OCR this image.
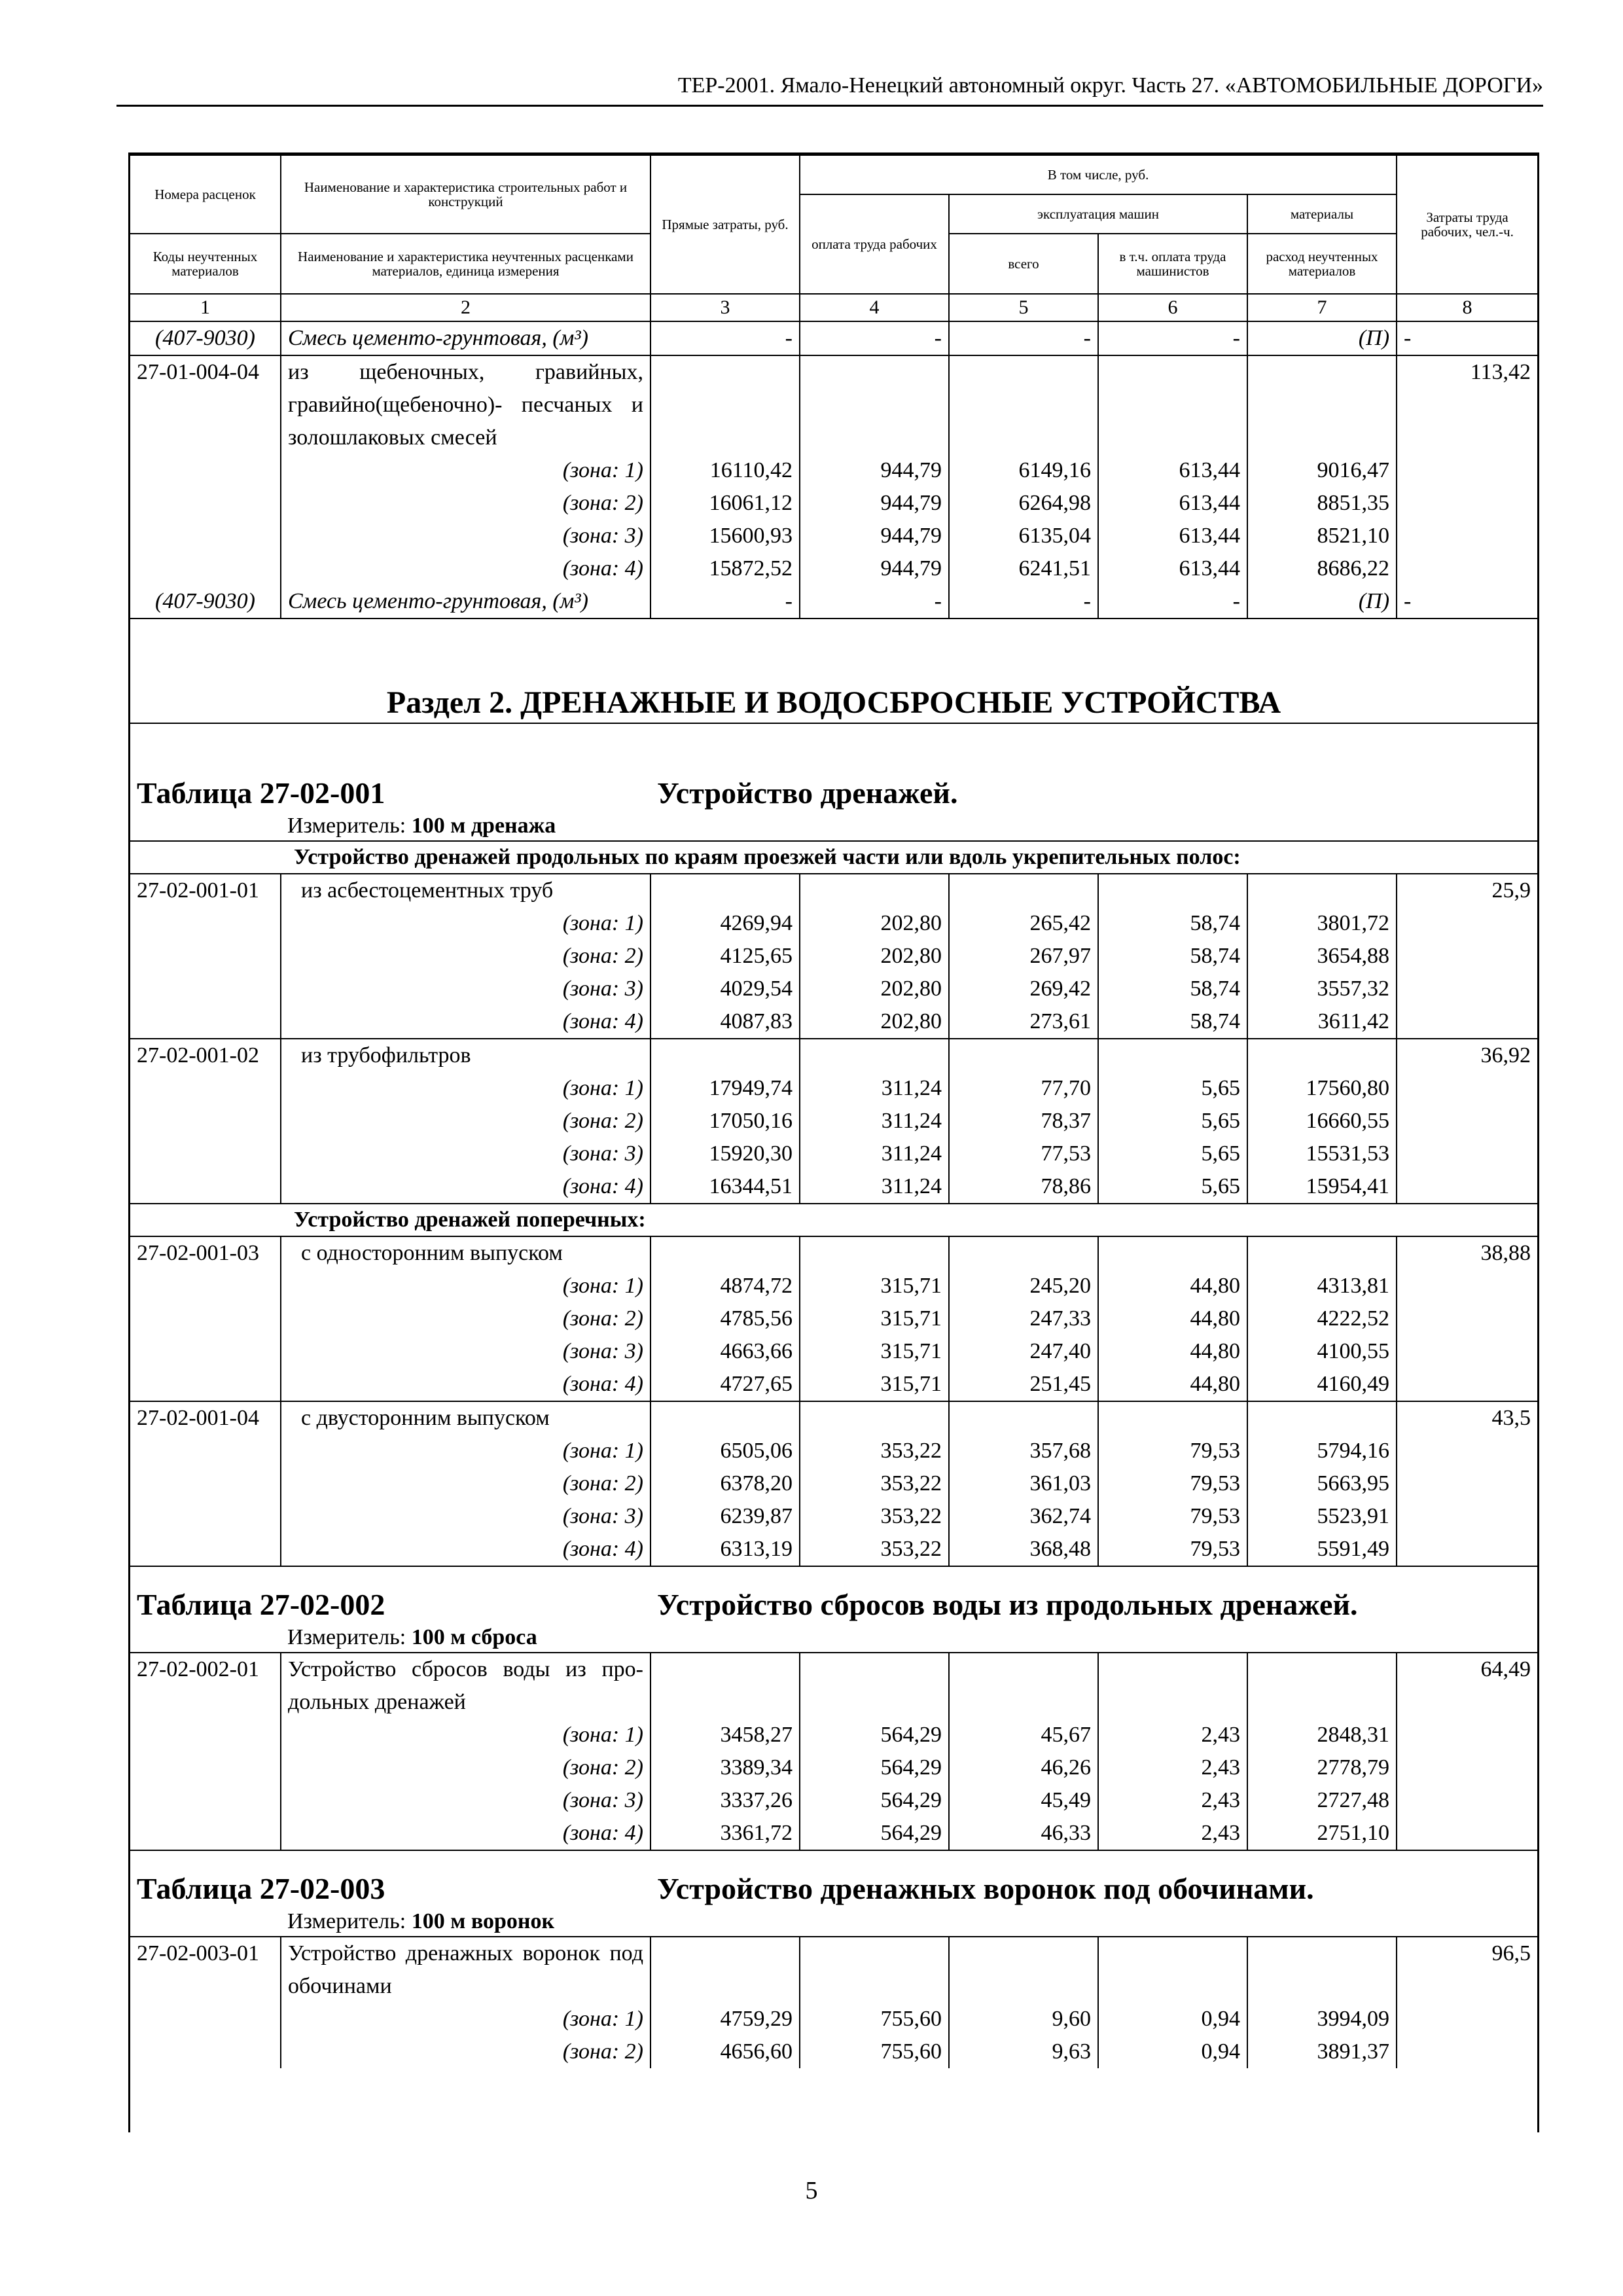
ТЕР-2001. Ямало-Ненецкий автономный округ. Часть 27. «АВТОМОБИЛЬНЫЕ ДОРОГИ»
Номера расценок	Наименование и характеристика строительных работ и конструкций	Прямые затраты, руб.	В том числе, руб.				Затраты труда рабочих, чел.-ч.
			оплата труда рабочих	эксплуатация машин		материалы	
Коды неучтенных материалов	Наименование и характеристика неучтенных расценками материалов, единица измерения			всего	в т.ч. оплата труда машинистов	расход неучтенных материалов	
1	2	3	4	5	6	7	8
(407-9030)	Смесь цементо-грунтовая, (м³)	-	-	-	-	(П)	-
27-01-004-04	из щебеночных, гравийных, гравийно(щебеночно)- песчаных и золошлаковых смесей						113,42
	(зона: 1)	16110,42	944,79	6149,16	613,44	9016,47	
	(зона: 2)	16061,12	944,79	6264,98	613,44	8851,35	
	(зона: 3)	15600,93	944,79	6135,04	613,44	8521,10	
	(зона: 4)	15872,52	944,79	6241,51	613,44	8686,22	
(407-9030)	Смесь цементо-грунтовая, (м³)	-	-	-	-	(П)	-

Раздел 2. ДРЕНАЖНЫЕ И ВОДОСБРОСНЫЕ УСТРОЙСТВА							

Таблица 27-02-001 Устройство дренажей.
Измеритель: 100 м дренажа							

Устройство дренажей продольных по краям проезжей части или вдоль укрепительных полос:							
27-02-001-01	из асбестоцементных труб						25,9
	(зона: 1)	4269,94	202,80	265,42	58,74	3801,72	
	(зона: 2)	4125,65	202,80	267,97	58,74	3654,88	
	(зона: 3)	4029,54	202,80	269,42	58,74	3557,32	
	(зона: 4)	4087,83	202,80	273,61	58,74	3611,42	
27-02-001-02	из трубофильтров						36,92
	(зона: 1)	17949,74	311,24	77,70	5,65	17560,80	
	(зона: 2)	17050,16	311,24	78,37	5,65	16660,55	
	(зона: 3)	15920,30	311,24	77,53	5,65	15531,53	
	(зона: 4)	16344,51	311,24	78,86	5,65	15954,41	
Устройство дренажей поперечных:							
27-02-001-03	с односторонним выпуском						38,88
	(зона: 1)	4874,72	315,71	245,20	44,80	4313,81	
	(зона: 2)	4785,56	315,71	247,33	44,80	4222,52	
	(зона: 3)	4663,66	315,71	247,40	44,80	4100,55	
	(зона: 4)	4727,65	315,71	251,45	44,80	4160,49	
27-02-001-04	с двусторонним выпуском						43,5
	(зона: 1)	6505,06	353,22	357,68	79,53	5794,16	
	(зона: 2)	6378,20	353,22	361,03	79,53	5663,95	
	(зона: 3)	6239,87	353,22	362,74	79,53	5523,91	
	(зона: 4)	6313,19	353,22	368,48	79,53	5591,49	

Таблица 27-02-002 Устройство сбросов воды из продольных дренажей.
Измеритель: 100 м сброса							

27-02-002-01	Устройство сбросов воды из про-дольных дренажей						64,49
	(зона: 1)	3458,27	564,29	45,67	2,43	2848,31	
	(зона: 2)	3389,34	564,29	46,26	2,43	2778,79	
	(зона: 3)	3337,26	564,29	45,49	2,43	2727,48	
	(зона: 4)	3361,72	564,29	46,33	2,43	2751,10	

Таблица 27-02-003 Устройство дренажных воронок под обочинами.
Измеритель: 100 м воронок							

27-02-003-01	Устройство дренажных воронок под обочинами						96,5
	(зона: 1)	4759,29	755,60	9,60	0,94	3994,09	
	(зона: 2)	4656,60	755,60	9,63	0,94	3891,37	
5
